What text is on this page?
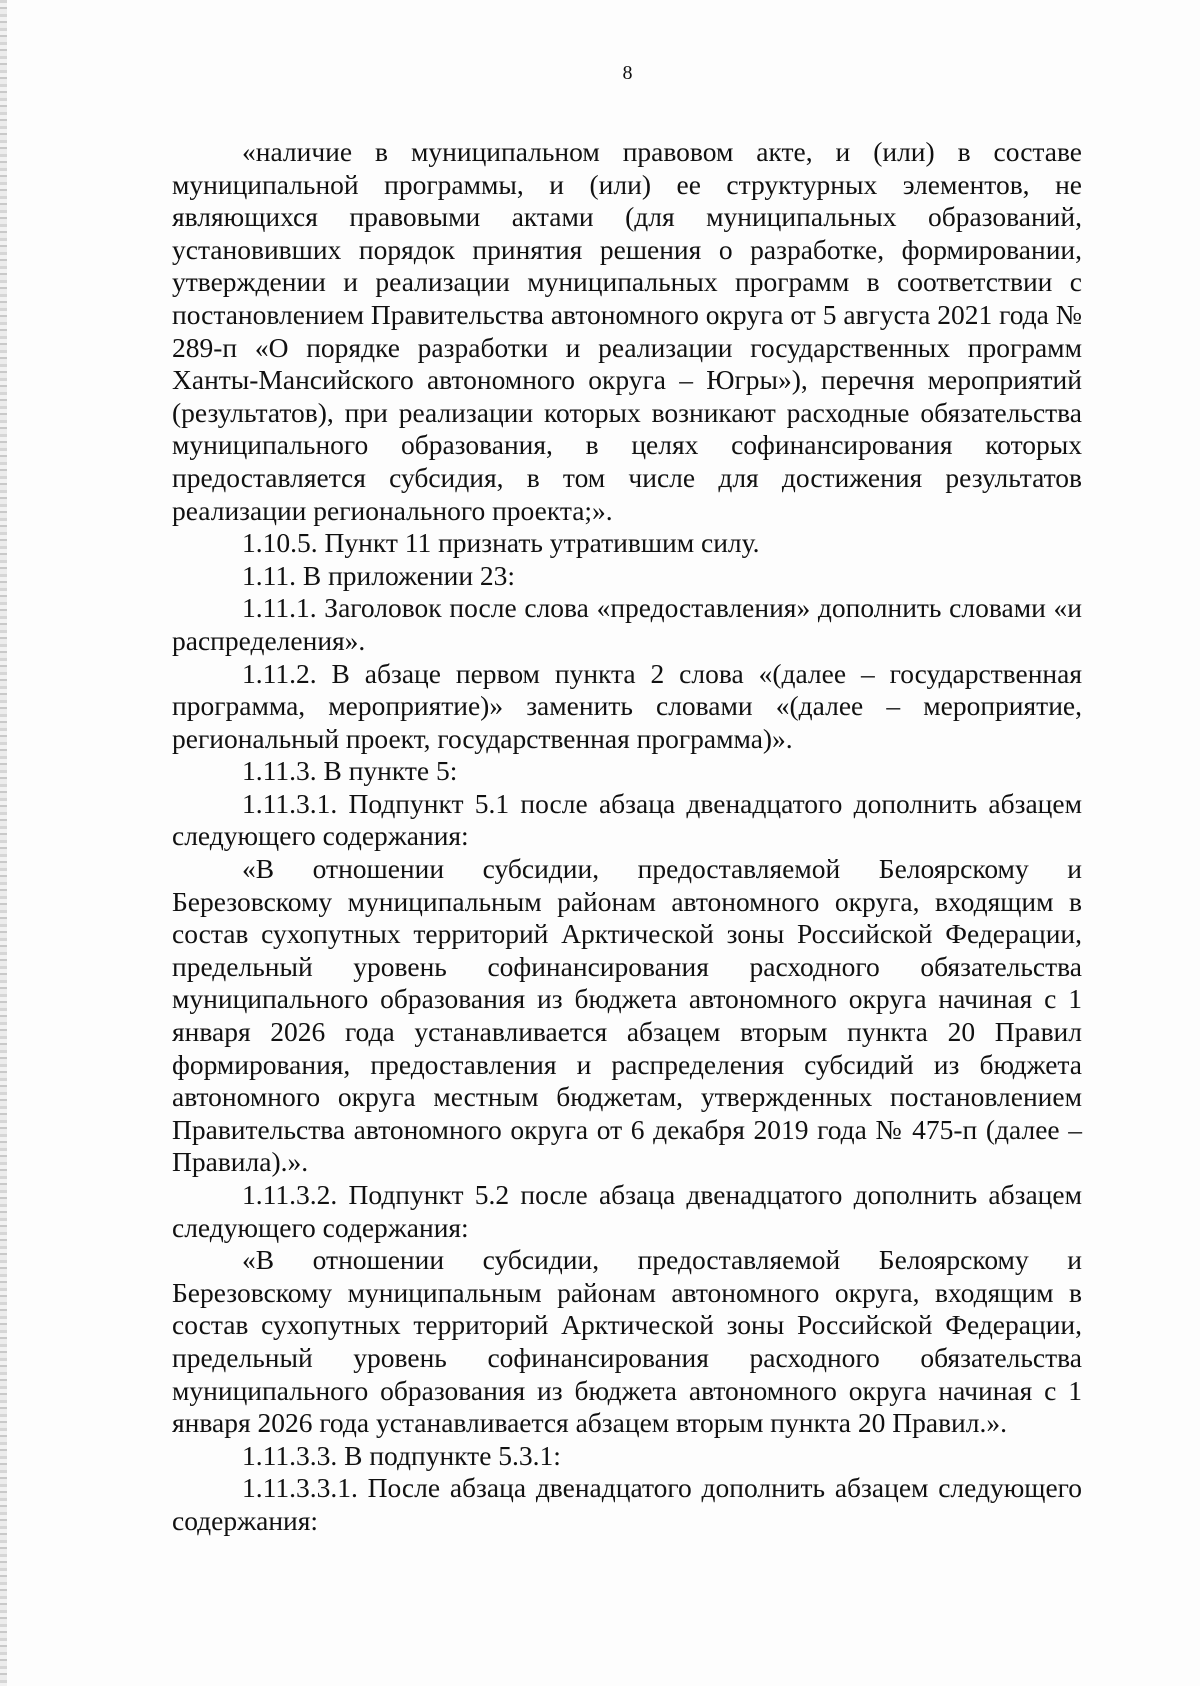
8

«наличие в муниципальном правовом акте, и (или) в составе муниципальной программы, и (или) ее структурных элементов, не являющихся правовыми актами (для муниципальных образований, установивших порядок принятия решения о разработке, формировании, утверждении и реализации муниципальных программ в соответствии с постановлением Правительства автономного округа от 5 августа 2021 года № 289-п «О порядке разработки и реализации государственных программ Ханты-Мансийского автономного округа – Югры»), перечня мероприятий (результатов), при реализации которых возникают расходные обязательства муниципального образования, в целях софинансирования которых предоставляется субсидия, в том числе для достижения результатов реализации регионального проекта;».

1.10.5. Пункт 11 признать утратившим силу.

1.11. В приложении 23:

1.11.1. Заголовок после слова «предоставления» дополнить словами «и распределения».

1.11.2. В абзаце первом пункта 2 слова «(далее – государственная программа, мероприятие)» заменить словами «(далее – мероприятие, региональный проект, государственная программа)».

1.11.3. В пункте 5:

1.11.3.1. Подпункт 5.1 после абзаца двенадцатого дополнить абзацем следующего содержания:

«В отношении субсидии, предоставляемой Белоярскому и Березовскому муниципальным районам автономного округа, входящим в состав сухопутных территорий Арктической зоны Российской Федерации, предельный уровень софинансирования расходного обязательства муниципального образования из бюджета автономного округа начиная с 1 января 2026 года устанавливается абзацем вторым пункта 20 Правил формирования, предоставления и распределения субсидий из бюджета автономного округа местным бюджетам, утвержденных постановлением Правительства автономного округа от 6 декабря 2019 года № 475-п (далее – Правила).».

1.11.3.2. Подпункт 5.2 после абзаца двенадцатого дополнить абзацем следующего содержания:

«В отношении субсидии, предоставляемой Белоярскому и Березовскому муниципальным районам автономного округа, входящим в состав сухопутных территорий Арктической зоны Российской Федерации, предельный уровень софинансирования расходного обязательства муниципального образования из бюджета автономного округа начиная с 1 января 2026 года устанавливается абзацем вторым пункта 20 Правил.».

1.11.3.3. В подпункте 5.3.1:

1.11.3.3.1. После абзаца двенадцатого дополнить абзацем следующего содержания:
